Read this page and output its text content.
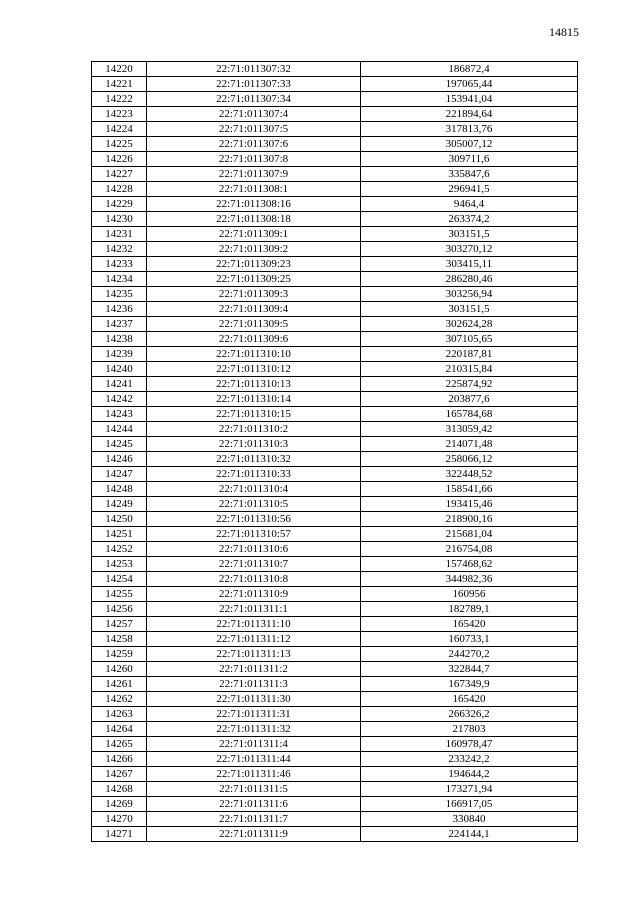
14815
14220	22:71:011307:32	186872,4
14221	22:71:011307:33	197065,44
14222	22:71:011307:34	153941,04
14223	22:71:011307:4	221894,64
14224	22:71:011307:5	317813,76
14225	22:71:011307:6	305007,12
14226	22:71:011307:8	309711,6
14227	22:71:011307:9	335847,6
14228	22:71:011308:1	296941,5
14229	22:71:011308:16	9464,4
14230	22:71:011308:18	263374,2
14231	22:71:011309:1	303151,5
14232	22:71:011309:2	303270,12
14233	22:71:011309:23	303415,11
14234	22:71:011309:25	286280,46
14235	22:71:011309:3	303256,94
14236	22:71:011309:4	303151,5
14237	22:71:011309:5	302624,28
14238	22:71:011309:6	307105,65
14239	22:71:011310:10	220187,81
14240	22:71:011310:12	210315,84
14241	22:71:011310:13	225874,92
14242	22:71:011310:14	203877,6
14243	22:71:011310:15	165784,68
14244	22:71:011310:2	313059,42
14245	22:71:011310:3	214071,48
14246	22:71:011310:32	258066,12
14247	22:71:011310:33	322448,52
14248	22:71:011310:4	158541,66
14249	22:71:011310:5	193415,46
14250	22:71:011310:56	218900,16
14251	22:71:011310:57	215681,04
14252	22:71:011310:6	216754,08
14253	22:71:011310:7	157468,62
14254	22:71:011310:8	344982,36
14255	22:71:011310:9	160956
14256	22:71:011311:1	182789,1
14257	22:71:011311:10	165420
14258	22:71:011311:12	160733,1
14259	22:71:011311:13	244270,2
14260	22:71:011311:2	322844,7
14261	22:71:011311:3	167349,9
14262	22:71:011311:30	165420
14263	22:71:011311:31	266326,2
14264	22:71:011311:32	217803
14265	22:71:011311:4	160978,47
14266	22:71:011311:44	233242,2
14267	22:71:011311:46	194644,2
14268	22:71:011311:5	173271,94
14269	22:71:011311:6	166917,05
14270	22:71:011311:7	330840
14271	22:71:011311:9	224144,1
